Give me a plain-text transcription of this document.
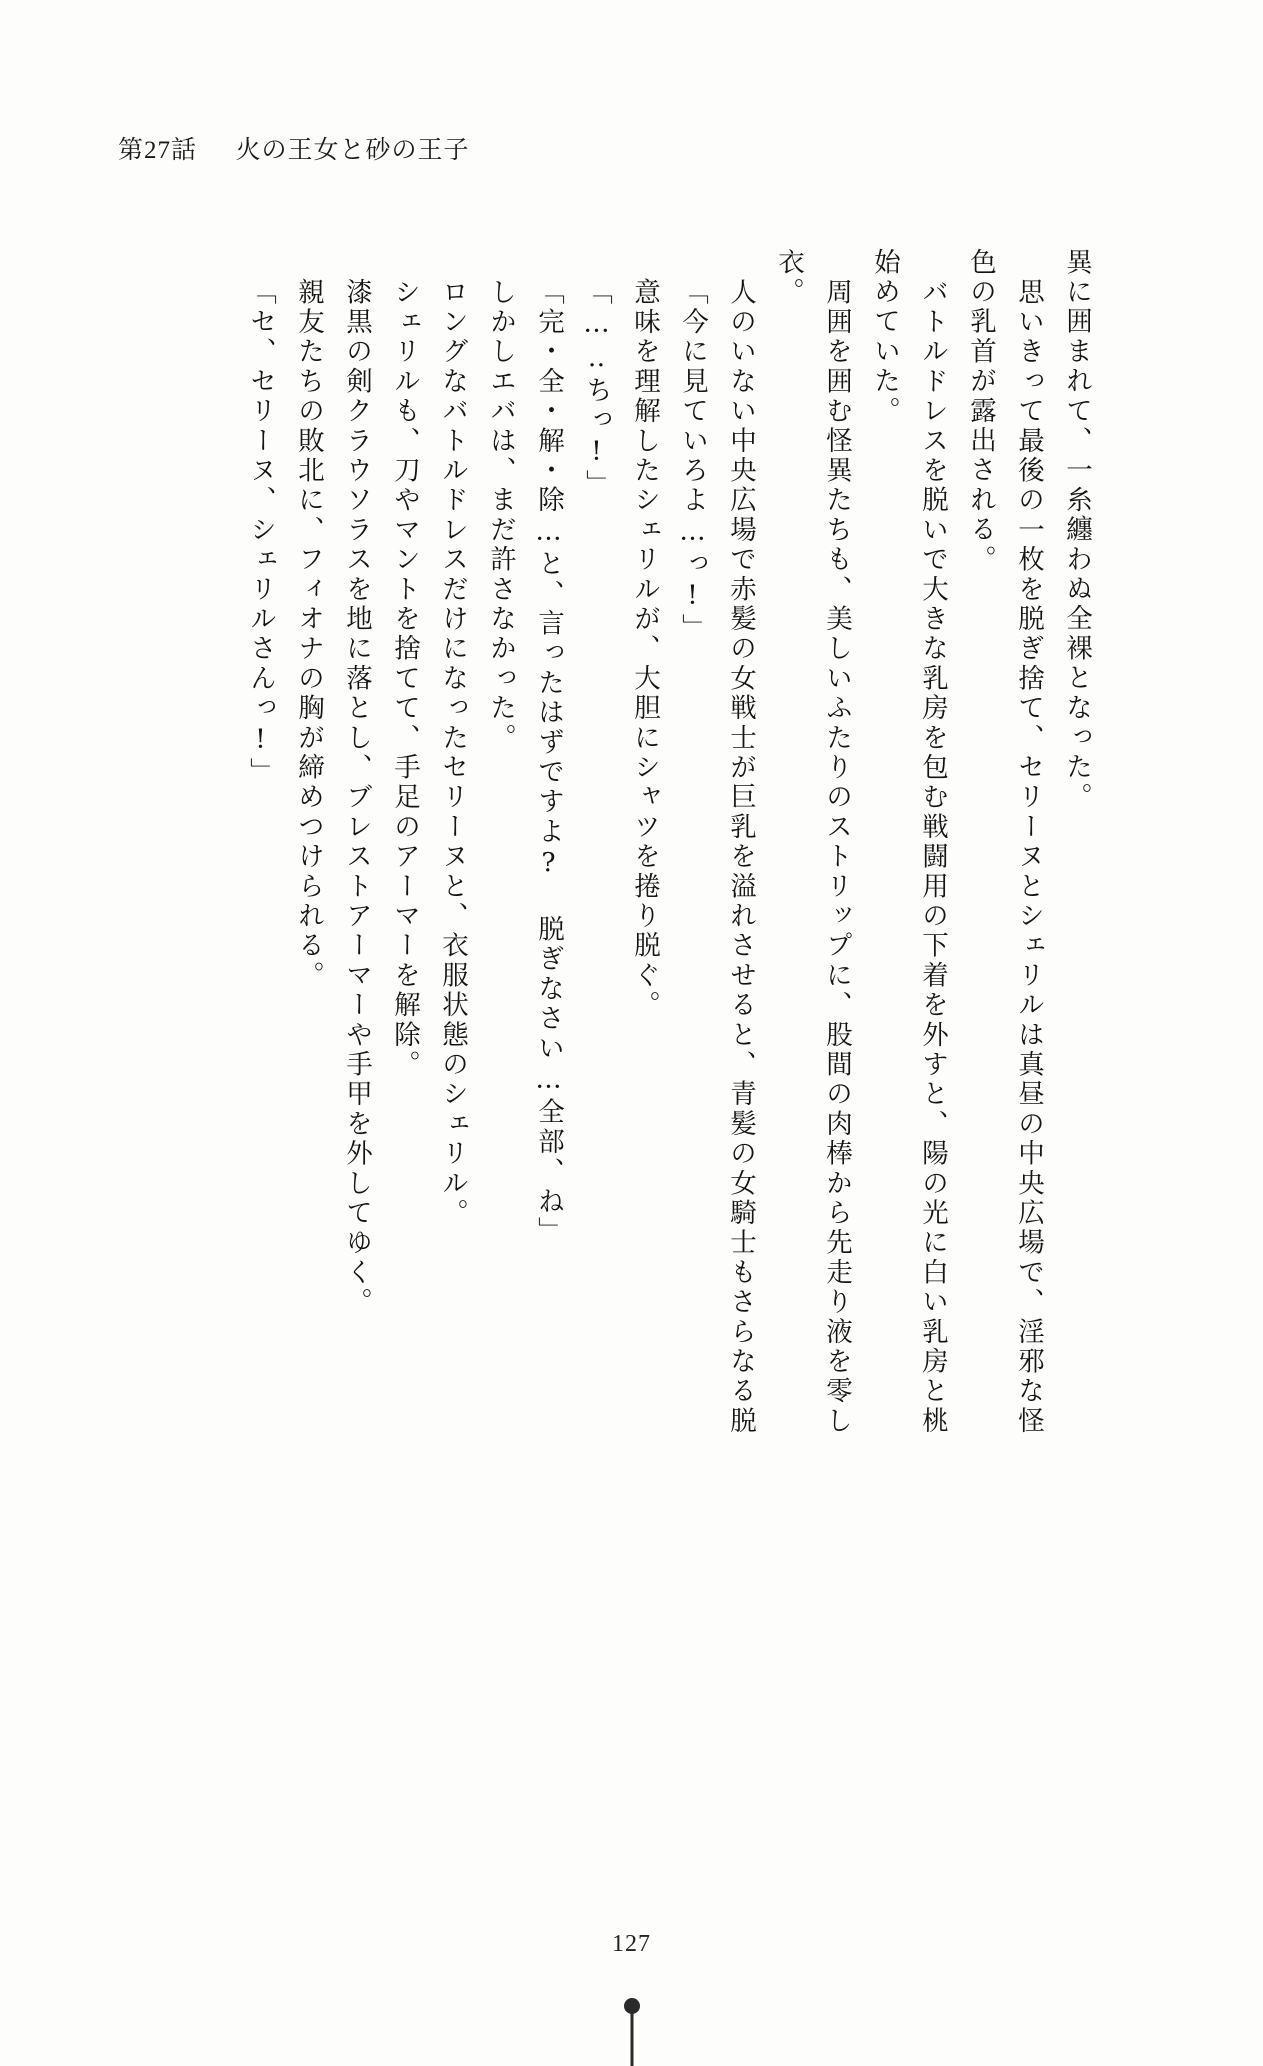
第27話 火の王女と砂の王子
「セ、セリーヌ、シェリルさんっ!」 親友たちの敗北に、フィオナの胸が締めつけられる。 漆黒の剣クラウソラスを地に落とし、ブレストアーマーや手甲を外してゆく。 シェリルも、刀やマントを捨てて、手足のアーマーを解除。 ロングなバトルドレスだけになったセリーヌと、衣服状態のシェリル。 しかしエバは、まだ許さなかった。 「完・全・解・除…と、言ったはずですよ? 脱ぎなさい…全部、ね」 「…‥ちっ!」 意味を理解したシェリルが、大胆にシャツを捲り脱ぐ。 「今に見ていろよ…っ!」 人のいない中央広場で赤髪の女戦士が巨乳を溢れさせると、青髪の女騎士もさらなる脱
衣。
周囲を囲む怪異たちも、美しいふたりのストリップに、股間の肉棒から先走り液を零し 始めていた。 バトルドレスを脱いで大きな乳房を包む戦闘用の下着を外すと、陽の光に白い乳房と桃 色の乳首が露出される。 思いきって最後の一枚を脱ぎ捨て、セリーヌとシェリルは真昼の中央広場で、淫邪な怪 異に囲まれて、一糸纏わぬ全裸となった。
127
